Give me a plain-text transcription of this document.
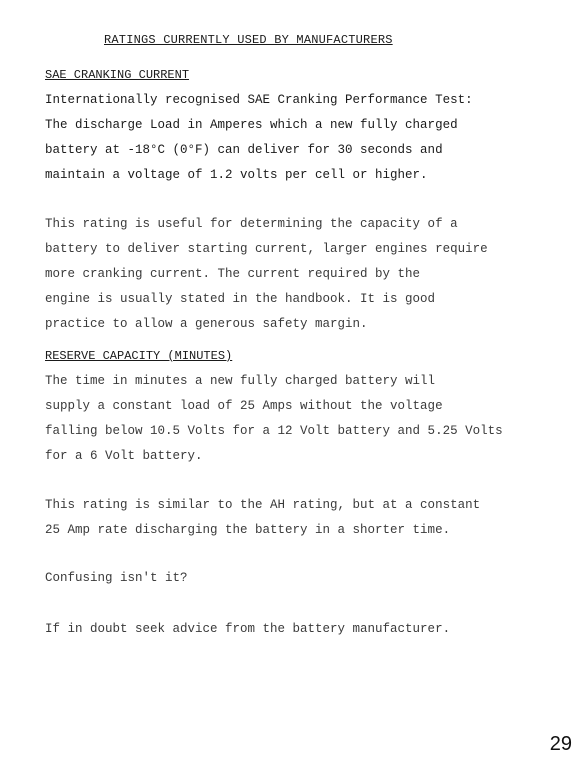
RATINGS CURRENTLY USED BY MANUFACTURERS
SAE CRANKING CURRENT
Internationally recognised SAE Cranking Performance Test:
The discharge Load in Amperes which a new fully charged
battery at -18°C (0°F) can deliver for 30 seconds and
maintain a voltage of 1.2 volts per cell or higher.
This rating is useful for determining the capacity of a
battery to deliver starting current, larger engines require
more cranking current. The current required by the
engine is usually stated in the handbook. It is good
practice to allow a generous safety margin.
RESERVE CAPACITY (MINUTES)
The time in minutes a new fully charged battery will
supply a constant load of 25 Amps without the voltage
falling below 10.5 Volts for a 12 Volt battery and 5.25 Volts
for a 6 Volt battery.
This rating is similar to the AH rating, but at a constant
25 Amp rate discharging the battery in a shorter time.
Confusing isn't it?
If in doubt seek advice from the battery manufacturer.
29
